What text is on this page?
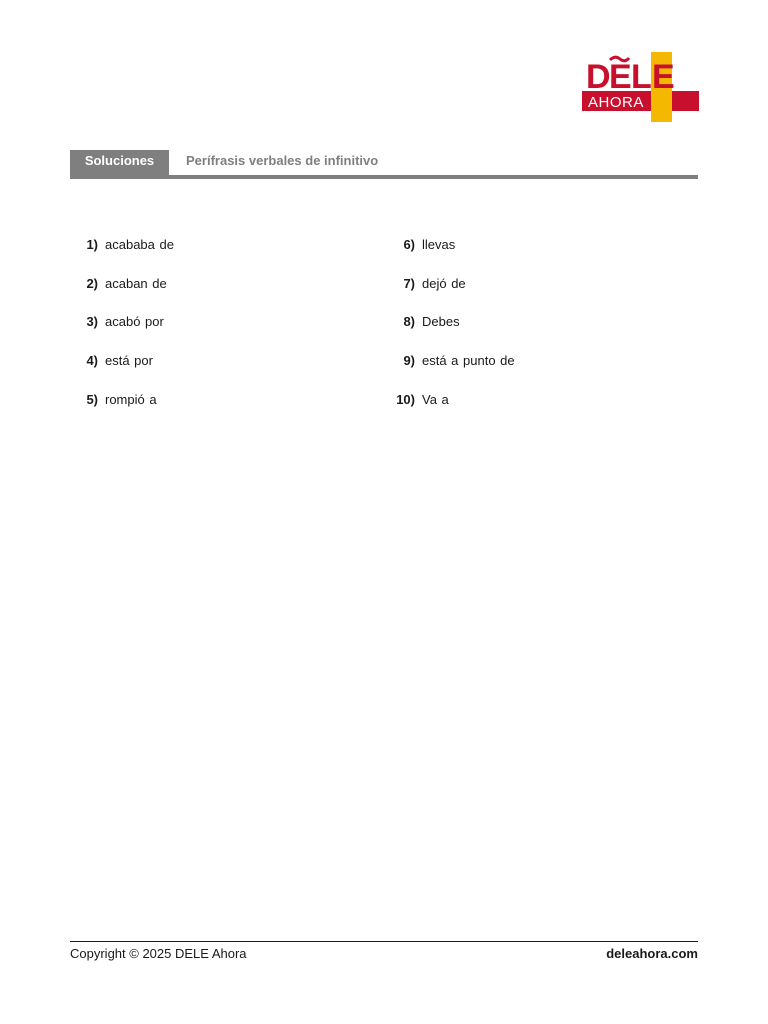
D E L E
AHORA
Soluciones	Perífrasis verbales de infinitivo
1) acababa de
2) acaban de
3) acabó por
4) está por
5) rompió a
6) llevas
7) dejó de
8) Debes
9) está a punto de
10) Va a
Copyright © 2025 DELE Ahora	deleahora.com
